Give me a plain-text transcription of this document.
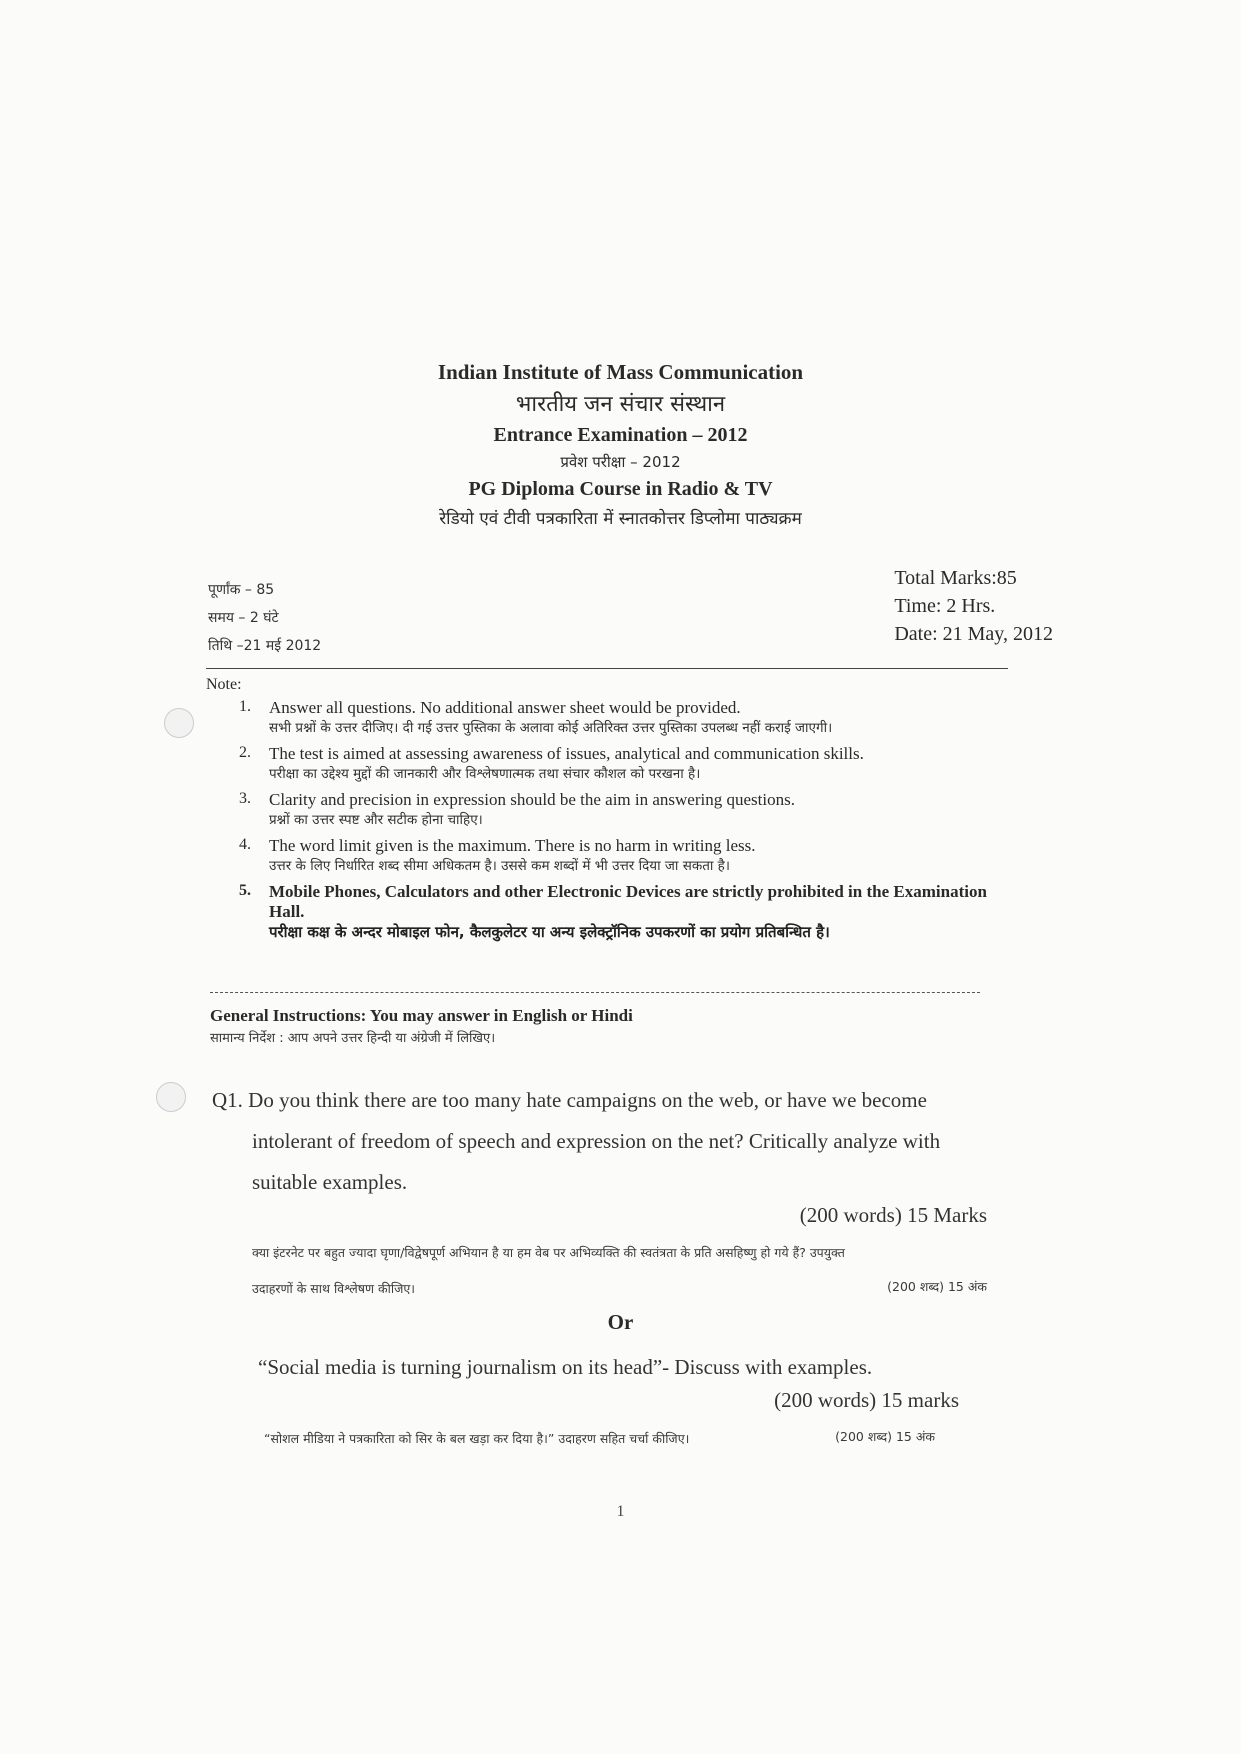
Indian Institute of Mass Communication
भारतीय जन संचार संस्थान
Entrance Examination – 2012
प्रवेश परीक्षा – 2012
PG Diploma Course in Radio & TV
रेडियो एवं टीवी पत्रकारिता में स्नातकोत्तर डिप्लोमा पाठ्यक्रम
पूर्णांक – 85
समय – 2 घंटे
तिथि –21 मई 2012
Total Marks:85
Time: 2 Hrs.
Date: 21 May, 2012
Note:
1. Answer all questions. No additional answer sheet would be provided.
सभी प्रश्नों के उत्तर दीजिए। दी गई उत्तर पुस्तिका के अलावा कोई अतिरिक्त उत्तर पुस्तिका उपलब्ध नहीं कराई जाएगी।
2. The test is aimed at assessing awareness of issues, analytical and communication skills.
परीक्षा का उद्देश्य मुद्दों की जानकारी और विश्लेषणात्मक तथा संचार कौशल को परखना है।
3. Clarity and precision in expression should be the aim in answering questions.
प्रश्नों का उत्तर स्पष्ट और सटीक होना चाहिए।
4. The word limit given is the maximum. There is no harm in writing less.
उत्तर के लिए निर्धारित शब्द सीमा अधिकतम है। उससे कम शब्दों में भी उत्तर दिया जा सकता है।
5. Mobile Phones, Calculators and other Electronic Devices are strictly prohibited in the Examination Hall.
परीक्षा कक्ष के अन्दर मोबाइल फोन, कैलकुलेटर या अन्य इलेक्ट्रॉनिक उपकरणों का प्रयोग प्रतिबन्धित है।
General Instructions: You may answer in English or Hindi
सामान्य निर्देश : आप अपने उत्तर हिन्दी या अंग्रेजी में लिखिए।
Q1. Do you think there are too many hate campaigns on the web, or have we become
intolerant of freedom of speech and expression on the net? Critically analyze with
suitable examples.
(200 words) 15 Marks
क्या इंटरनेट पर बहुत ज्यादा घृणा/विद्वेषपूर्ण अभियान है या हम वेब पर अभिव्यक्ति की स्वतंत्रता के प्रति असहिष्णु हो गये हैं? उपयुक्त
उदाहरणों के साथ विश्लेषण कीजिए।	(200 शब्द) 15 अंक
Or
“Social media is turning journalism on its head”- Discuss with examples.
(200 words) 15 marks
“सोशल मीडिया ने पत्रकारिता को सिर के बल खड़ा कर दिया है।” उदाहरण सहित चर्चा कीजिए।	(200 शब्द) 15 अंक
1
